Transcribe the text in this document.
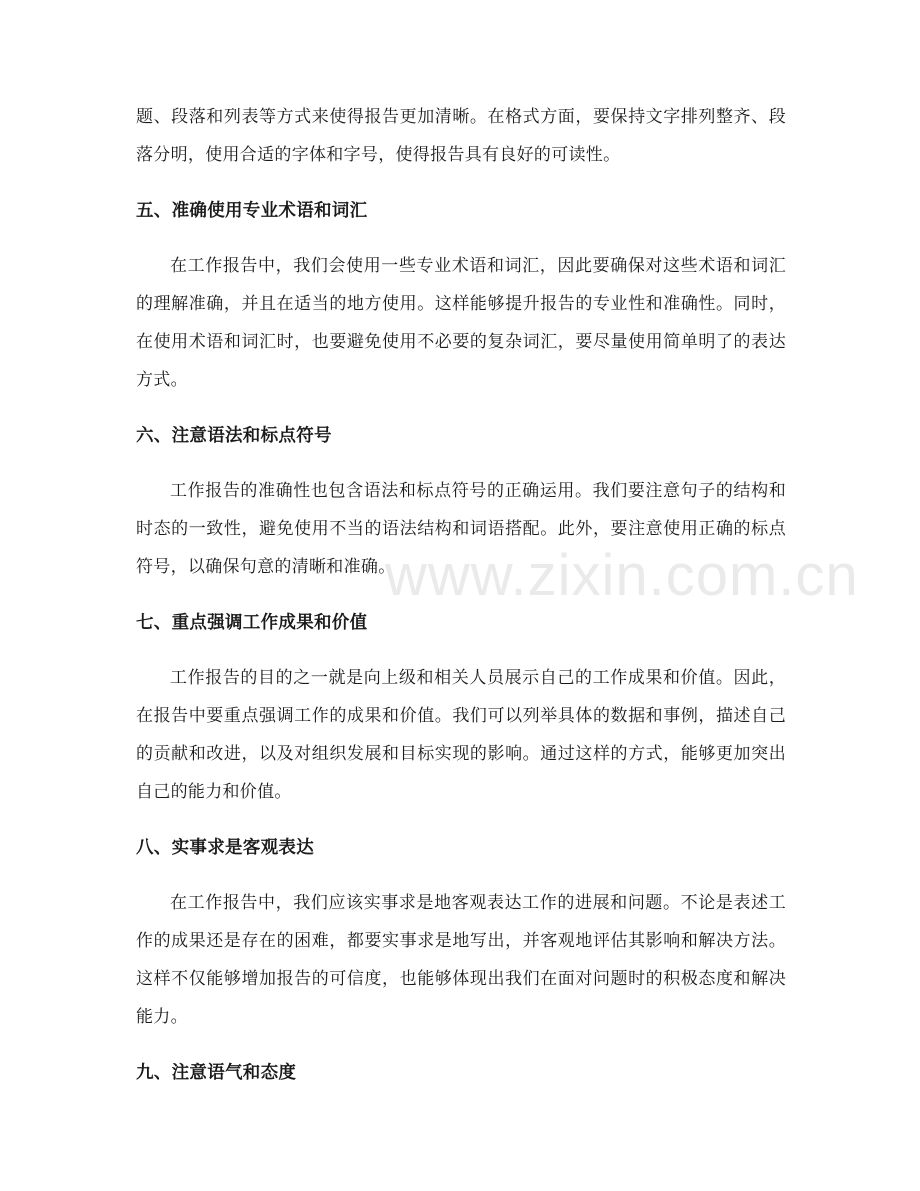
题、段落和列表等方式来使得报告更加清晰。在格式方面，要保持文字排列整齐、段落分明，使用合适的字体和字号，使得报告具有良好的可读性。

五、准确使用专业术语和词汇

在工作报告中，我们会使用一些专业术语和词汇，因此要确保对这些术语和词汇的理解准确，并且在适当的地方使用。这样能够提升报告的专业性和准确性。同时，在使用术语和词汇时，也要避免使用不必要的复杂词汇，要尽量使用简单明了的表达方式。

六、注意语法和标点符号

工作报告的准确性也包含语法和标点符号的正确运用。我们要注意句子的结构和时态的一致性，避免使用不当的语法结构和词语搭配。此外，要注意使用正确的标点符号，以确保句意的清晰和准确。

七、重点强调工作成果和价值

工作报告的目的之一就是向上级和相关人员展示自己的工作成果和价值。因此，在报告中要重点强调工作的成果和价值。我们可以列举具体的数据和事例，描述自己的贡献和改进，以及对组织发展和目标实现的影响。通过这样的方式，能够更加突出自己的能力和价值。

八、实事求是客观表达

在工作报告中，我们应该实事求是地客观表达工作的进展和问题。不论是表述工作的成果还是存在的困难，都要实事求是地写出，并客观地评估其影响和解决方法。这样不仅能够增加报告的可信度，也能够体现出我们在面对问题时的积极态度和解决能力。

九、注意语气和态度
www.zixin.com.cn
